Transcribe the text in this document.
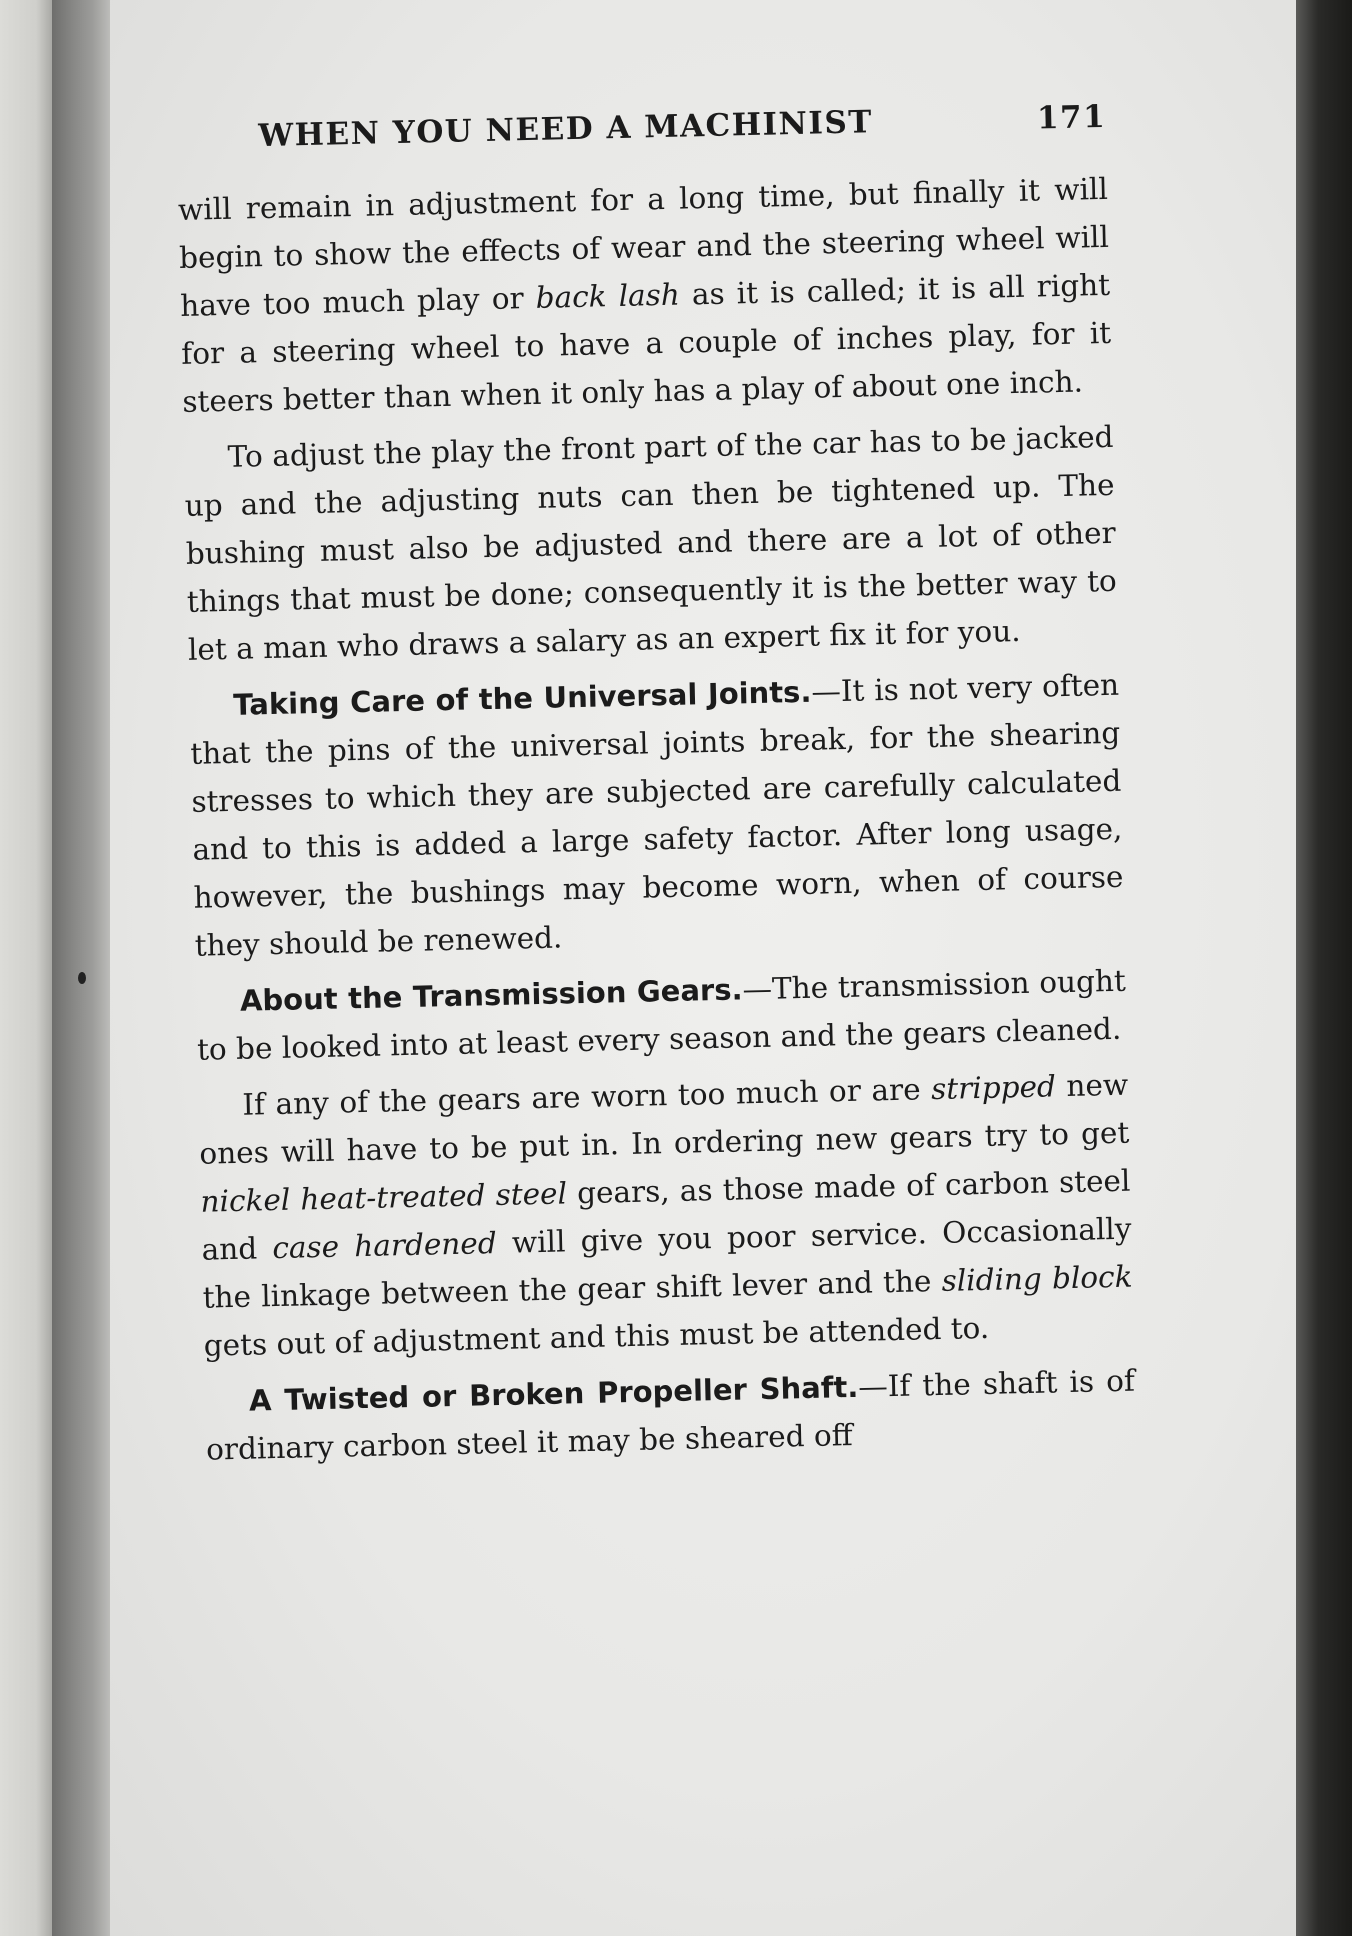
WHEN YOU NEED A MACHINIST	171

will remain in adjustment for a long time, but finally it will begin to show the effects of wear and the steering wheel will have too much play or back lash as it is called; it is all right for a steering wheel to have a couple of inches play, for it steers better than when it only has a play of about one inch.

To adjust the play the front part of the car has to be jacked up and the adjusting nuts can then be tightened up. The bushing must also be adjusted and there are a lot of other things that must be done; consequently it is the better way to let a man who draws a salary as an expert fix it for you.

Taking Care of the Universal Joints.—It is not very often that the pins of the universal joints break, for the shearing stresses to which they are subjected are carefully calculated and to this is added a large safety factor. After long usage, however, the bushings may become worn, when of course they should be renewed.

About the Transmission Gears.—The transmission ought to be looked into at least every season and the gears cleaned.

If any of the gears are worn too much or are stripped new ones will have to be put in. In ordering new gears try to get nickel heat-treated steel gears, as those made of carbon steel and case hardened will give you poor service. Occasionally the linkage between the gear shift lever and the sliding block gets out of adjustment and this must be attended to.

A Twisted or Broken Propeller Shaft.—If the shaft is of ordinary carbon steel it may be sheared off
